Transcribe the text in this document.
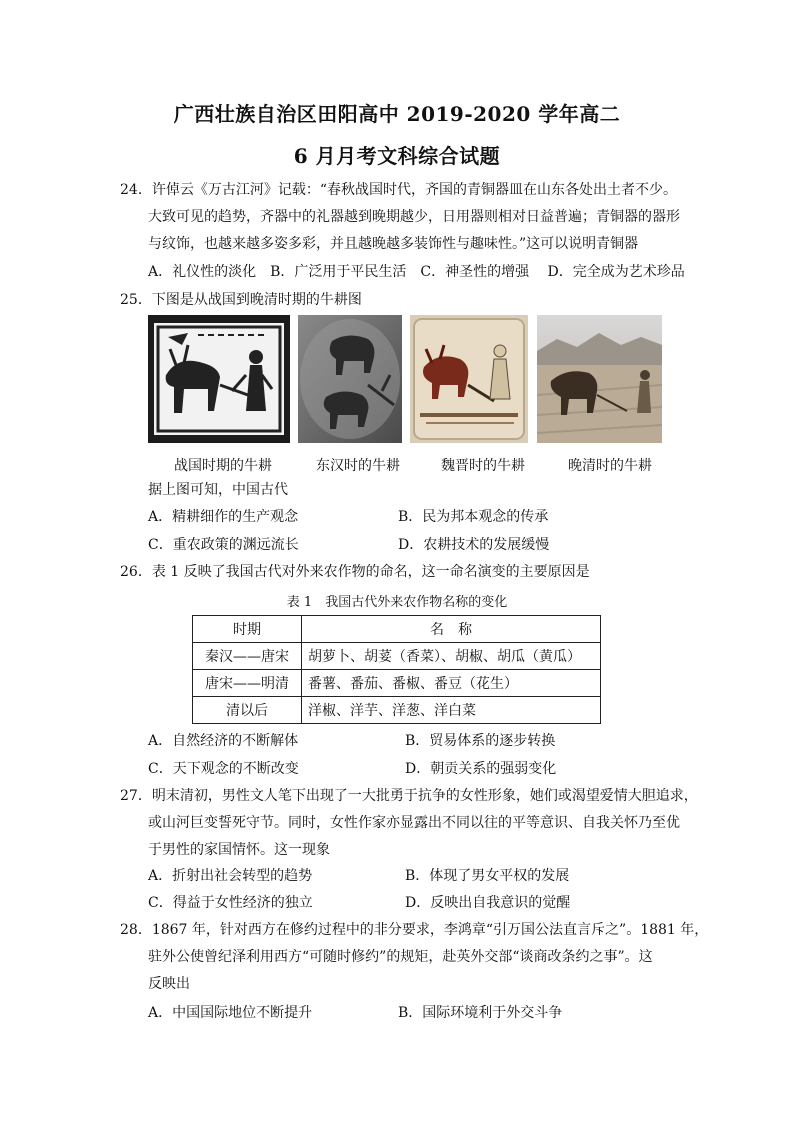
广西壮族自治区田阳高中 2019-2020 学年高二
6 月月考文科综合试题
24．许倬云《万古江河》记载：“春秋战国时代，齐国的青铜器皿在山东各处出土者不少。
大致可见的趋势，齐器中的礼器越到晚期越少，日用器则相对日益普遍；青铜器的器形
与纹饰，也越来越多姿多彩，并且越晚越多装饰性与趣味性。”这可以说明青铜器
A．礼仪性的淡化　B．广泛用于平民生活　C．神圣性的增强　 D．完全成为艺术珍品
25．下图是从战国到晚清时期的牛耕图
战国时期的牛耕	东汉时的牛耕	魏晋时的牛耕	晚清时的牛耕
据上图可知，中国古代
A．精耕细作的生产观念	B．民为邦本观念的传承
C．重农政策的渊远流长	D．农耕技术的发展缓慢
26．表 1 反映了我国古代对外来农作物的命名，这一命名演变的主要原因是
表 1　我国古代外来农作物名称的变化
时期	名　称
秦汉——唐宋	胡萝卜、胡荽（香菜）、胡椒、胡瓜（黄瓜）
唐宋——明清	番薯、番茄、番椒、番豆（花生）
清以后	洋椒、洋芋、洋葱、洋白菜
A．自然经济的不断解体	B．贸易体系的逐步转换
C．天下观念的不断改变	D．朝贡关系的强弱变化
27．明末清初，男性文人笔下出现了一大批勇于抗争的女性形象，她们或渴望爱情大胆追求，
或山河巨变誓死守节。同时，女性作家亦显露出不同以往的平等意识、自我关怀乃至优
于男性的家国情怀。这一现象
A．折射出社会转型的趋势	B．体现了男女平权的发展
C．得益于女性经济的独立	D．反映出自我意识的觉醒
28．1867 年，针对西方在修约过程中的非分要求，李鸿章“引万国公法直言斥之”。1881 年，
驻外公使曾纪泽利用西方“可随时修约”的规矩，赴英外交部“谈商改条约之事”。这
反映出
A．中国国际地位不断提升	B．国际环境利于外交斗争
